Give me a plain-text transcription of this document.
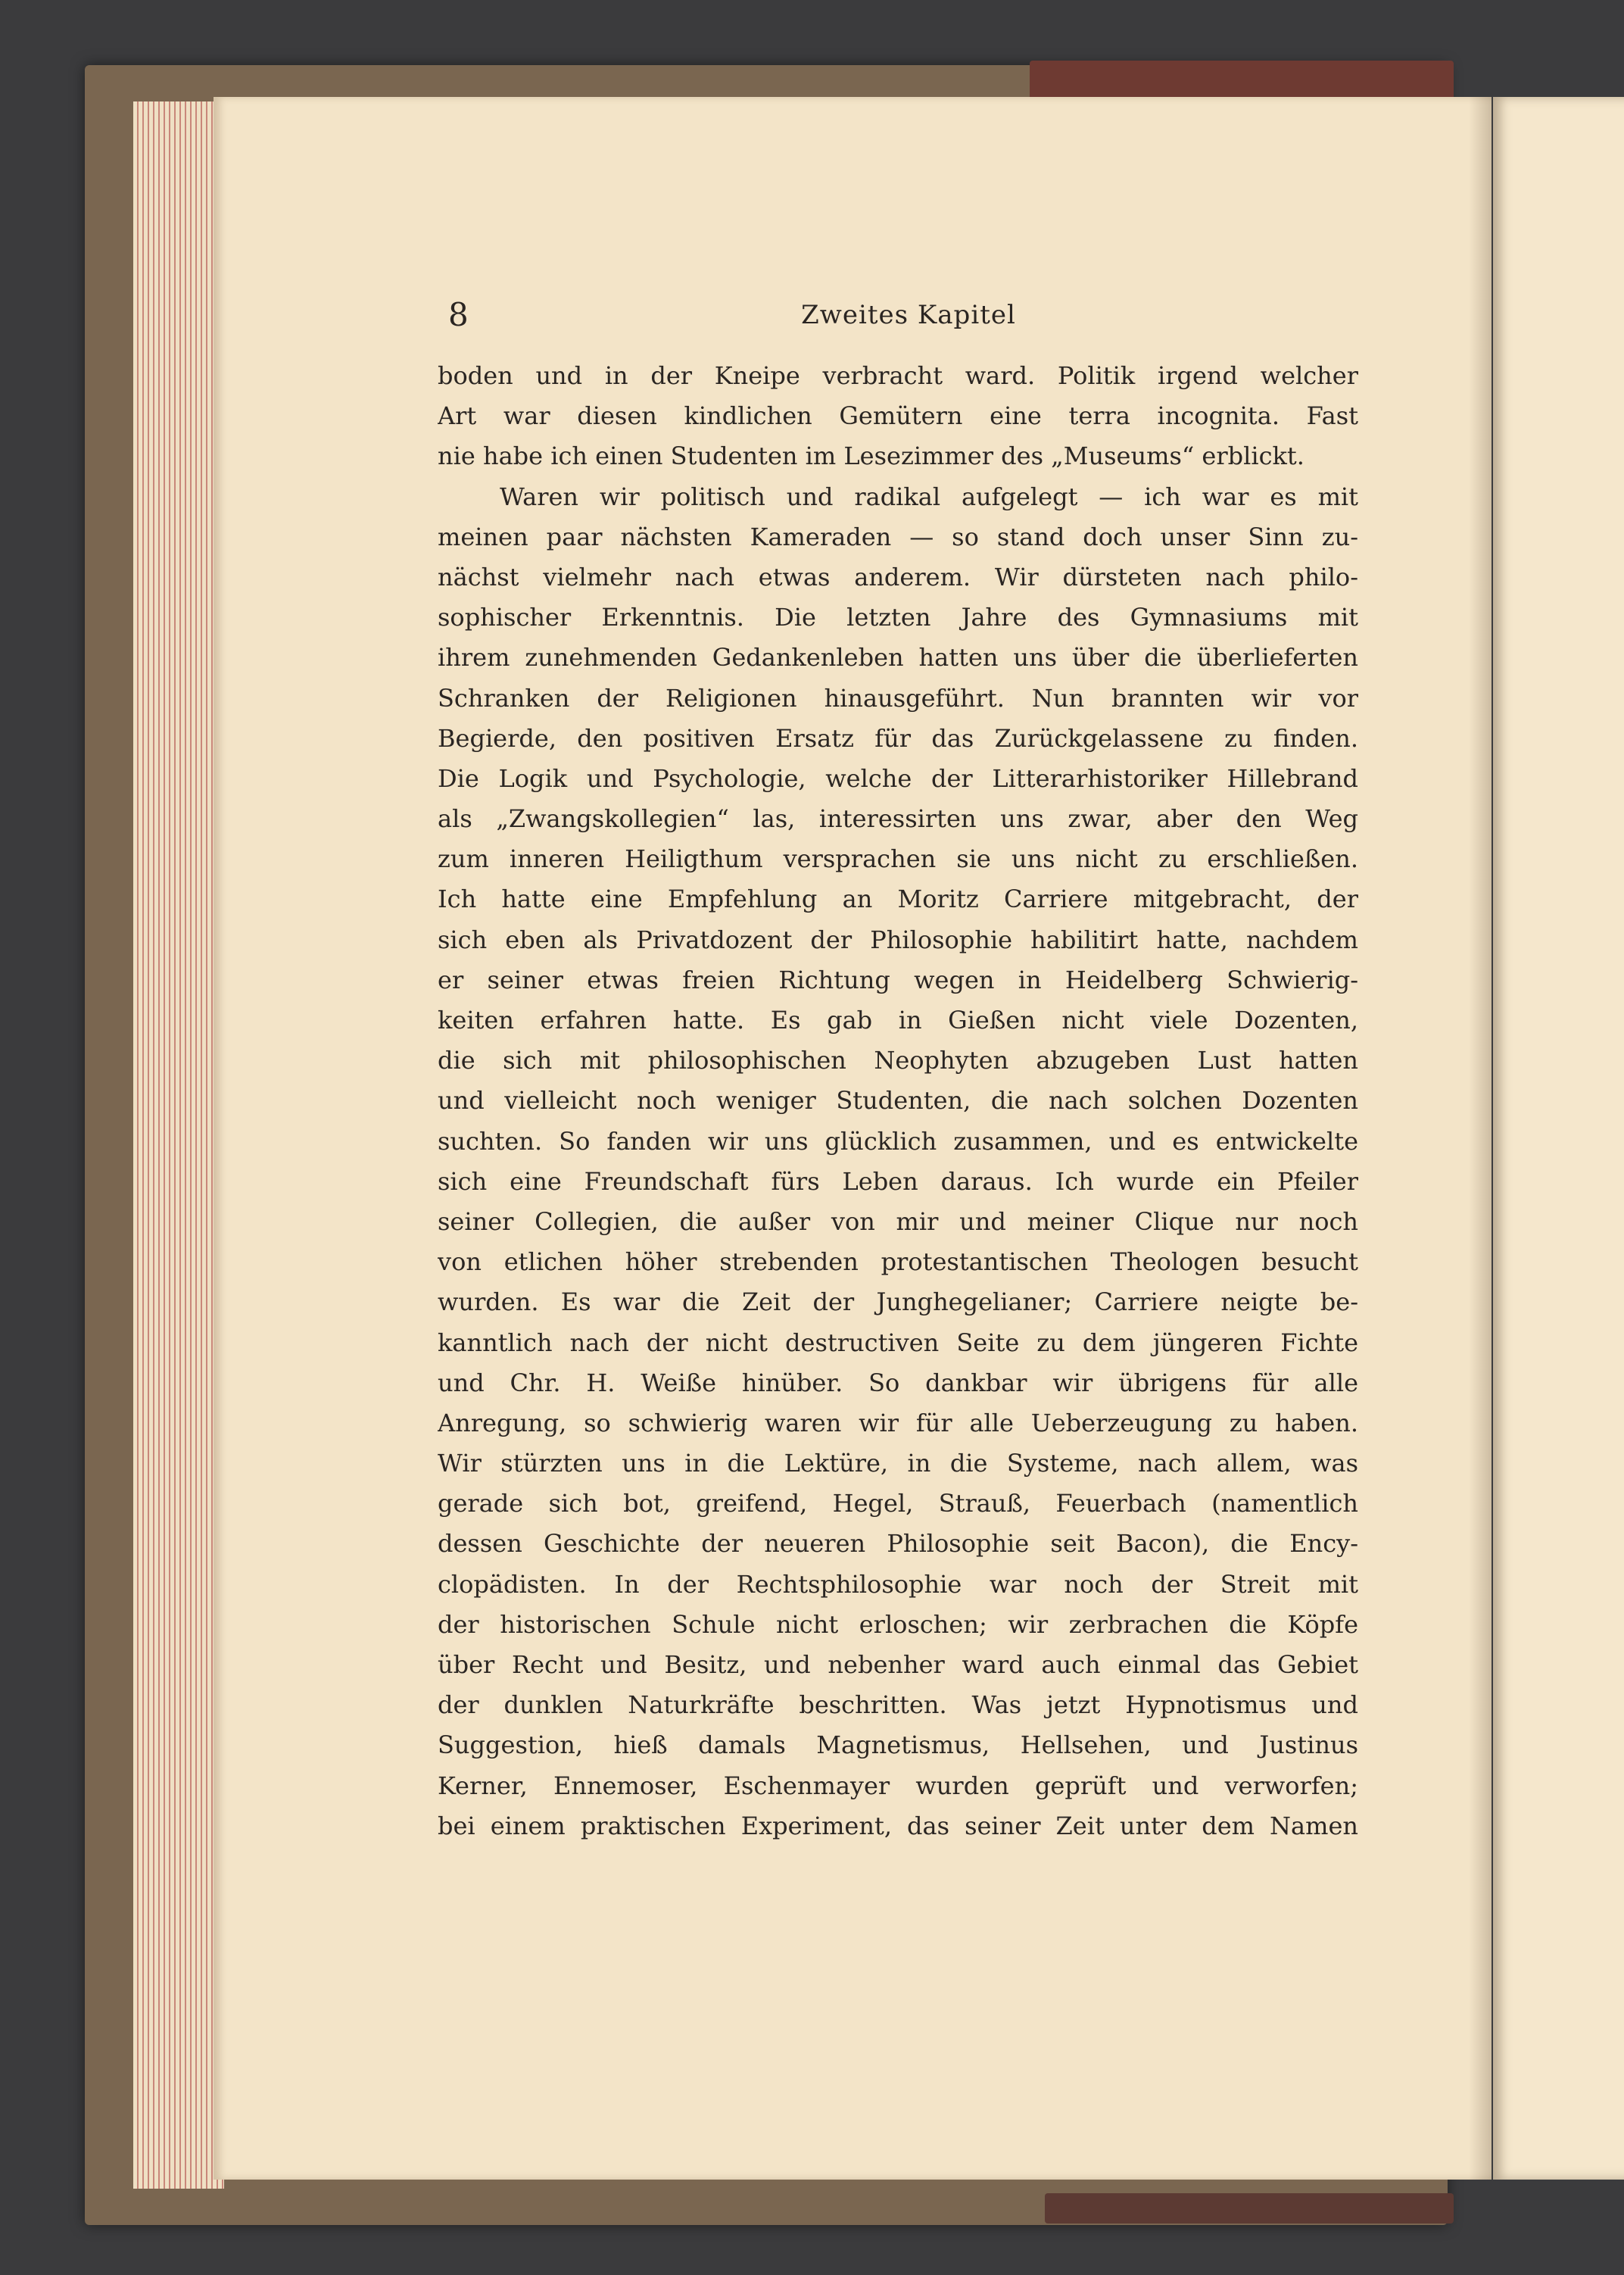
8	Zweites Kapitel
boden und in der Kneipe verbracht ward. Politik irgend welcher
Art war diesen kindlichen Gemütern eine terra incognita. Fast
nie habe ich einen Studenten im Lesezimmer des „Museums“ erblickt.
Waren wir politisch und radikal aufgelegt — ich war es mit
meinen paar nächsten Kameraden — so stand doch unser Sinn zu-
nächst vielmehr nach etwas anderem. Wir dürsteten nach philo-
sophischer Erkenntnis. Die letzten Jahre des Gymnasiums mit
ihrem zunehmenden Gedankenleben hatten uns über die überlieferten
Schranken der Religionen hinausgeführt. Nun brannten wir vor
Begierde, den positiven Ersatz für das Zurückgelassene zu finden.
Die Logik und Psychologie, welche der Litterarhistoriker Hillebrand
als „Zwangskollegien“ las, interessirten uns zwar, aber den Weg
zum inneren Heiligthum versprachen sie uns nicht zu erschließen.
Ich hatte eine Empfehlung an Moritz Carriere mitgebracht, der
sich eben als Privatdozent der Philosophie habilitirt hatte, nachdem
er seiner etwas freien Richtung wegen in Heidelberg Schwierig-
keiten erfahren hatte. Es gab in Gießen nicht viele Dozenten,
die sich mit philosophischen Neophyten abzugeben Lust hatten
und vielleicht noch weniger Studenten, die nach solchen Dozenten
suchten. So fanden wir uns glücklich zusammen, und es entwickelte
sich eine Freundschaft fürs Leben daraus. Ich wurde ein Pfeiler
seiner Collegien, die außer von mir und meiner Clique nur noch
von etlichen höher strebenden protestantischen Theologen besucht
wurden. Es war die Zeit der Junghegelianer; Carriere neigte be-
kanntlich nach der nicht destructiven Seite zu dem jüngeren Fichte
und Chr. H. Weiße hinüber. So dankbar wir übrigens für alle
Anregung, so schwierig waren wir für alle Ueberzeugung zu haben.
Wir stürzten uns in die Lektüre, in die Systeme, nach allem, was
gerade sich bot, greifend, Hegel, Strauß, Feuerbach (namentlich
dessen Geschichte der neueren Philosophie seit Bacon), die Ency-
clopädisten. In der Rechtsphilosophie war noch der Streit mit
der historischen Schule nicht erloschen; wir zerbrachen die Köpfe
über Recht und Besitz, und nebenher ward auch einmal das Gebiet
der dunklen Naturkräfte beschritten. Was jetzt Hypnotismus und
Suggestion, hieß damals Magnetismus, Hellsehen, und Justinus
Kerner, Ennemoser, Eschenmayer wurden geprüft und verworfen;
bei einem praktischen Experiment, das seiner Zeit unter dem Namen
